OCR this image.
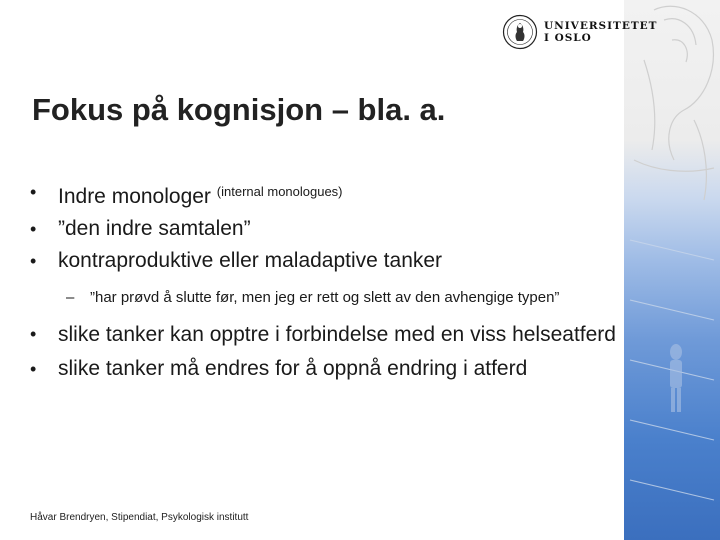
UNIVERSITETET
I OSLO
Fokus på kognisjon – bla. a.
• Indre monologer $^{(internal monologues)}$
• ”den indre samtalen”
• kontraproduktive eller maladaptive tanker
– ”har prøvd å slutte før, men jeg er rett og slett av den avhengige typen”
• slike tanker kan opptre i forbindelse med en viss helseatferd
• slike tanker må endres for å oppnå endring i atferd
Håvar Brendryen, Stipendiat, Psykologisk institutt
